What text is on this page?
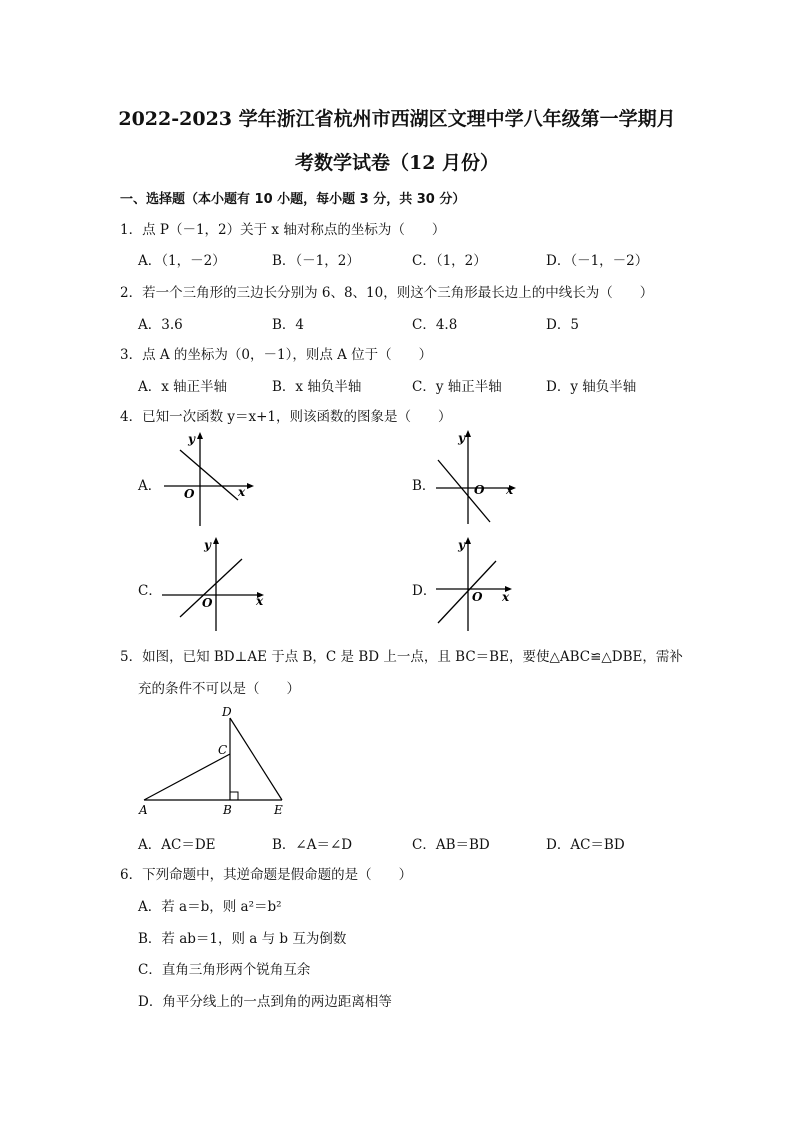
2022-2023 学年浙江省杭州市西湖区文理中学八年级第一学期月
考数学试卷（12 月份）
一、选择题（本小题有 10 小题，每小题 3 分，共 30 分）
1．点 P（－1，2）关于 x 轴对称点的坐标为（　　）
A．（1，－2）	B．（－1，2）	C．（1，2）	D．（－1，－2）
2．若一个三角形的三边长分别为 6、8、10，则这个三角形最长边上的中线长为（　　）
A．3.6	B．4	C．4.8	D．5
3．点 A 的坐标为（0，－1），则点 A 位于（　　）
A．x 轴正半轴	B．x 轴负半轴	C．y 轴正半轴	D．y 轴负半轴
4．已知一次函数 y＝x+1，则该函数的图象是（　　）
A．
y
O	x	B．
y
O x
C．
y
O	x
D．
y
O x
5．如图，已知 BD⊥AE 于点 B，C 是 BD 上一点，且 BC＝BE，要使△ABC≌△DBE，需补
充的条件不可以是（　　）
D
C
A	B	E
A．AC＝DE	B．∠A＝∠D	C．AB＝BD	D．AC＝BD
6．下列命题中，其逆命题是假命题的是（　　）
A．若 a＝b，则 a²＝b²
B．若 ab＝1，则 a 与 b 互为倒数
C．直角三角形两个锐角互余
D．角平分线上的一点到角的两边距离相等
